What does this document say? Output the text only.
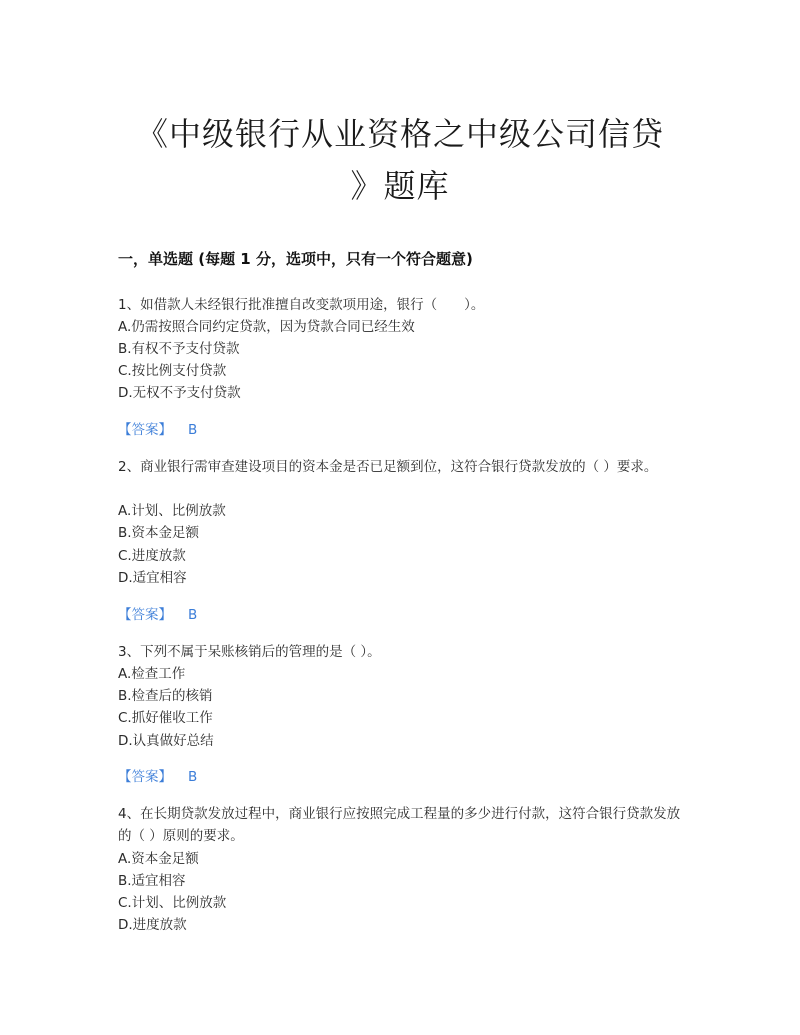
《中级银行从业资格之中级公司信贷
》题库
一，单选题 (每题 1 分，选项中，只有一个符合题意)
1、如借款人未经银行批准擅自改变款项用途，银行（　　）。
A.仍需按照合同约定贷款，因为贷款合同已经生效
B.有权不予支付贷款
C.按比例支付贷款
D.无权不予支付贷款
【答案】 B
2、商业银行需审查建设项目的资本金是否已足额到位，这符合银行贷款发放的（ ）要求。
A.计划、比例放款
B.资本金足额
C.进度放款
D.适宜相容
【答案】 B
3、下列不属于呆账核销后的管理的是（ ）。
A.检查工作
B.检查后的核销
C.抓好催收工作
D.认真做好总结
【答案】 B
4、在长期贷款发放过程中，商业银行应按照完成工程量的多少进行付款，这符合银行贷款发放的（ ）原则的要求。
A.资本金足额
B.适宜相容
C.计划、比例放款
D.进度放款
